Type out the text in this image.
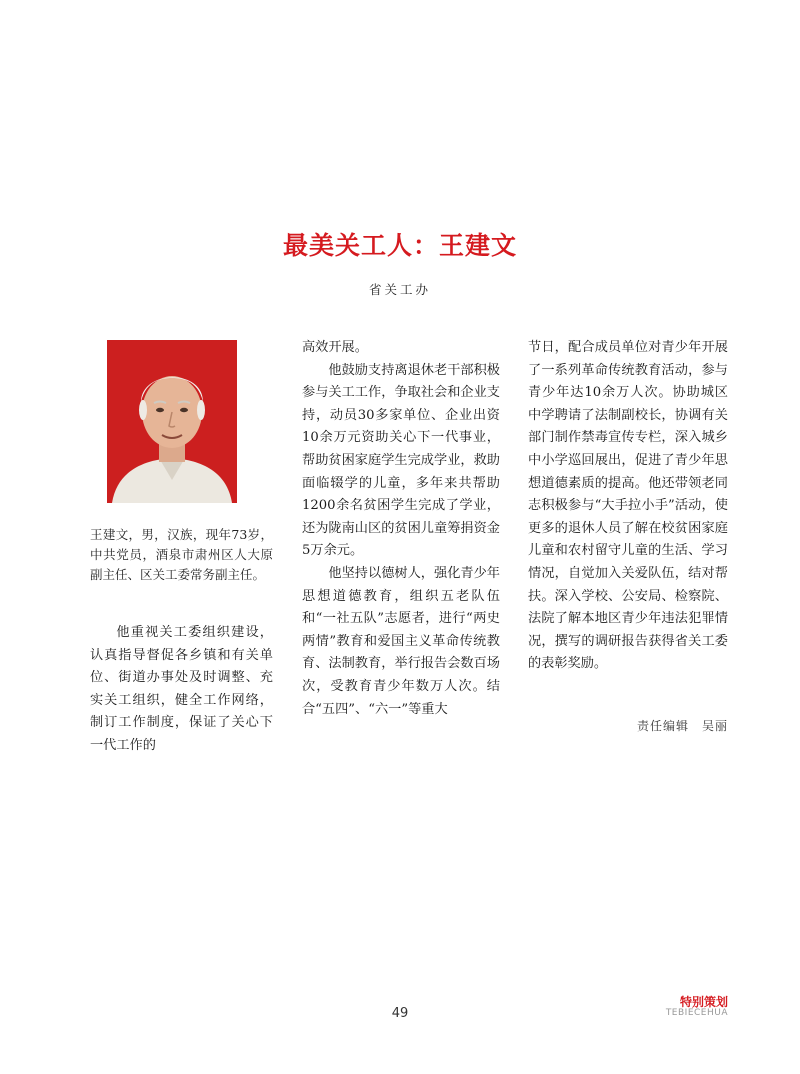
最美关工人：王建文
省关工办
王建文，男，汉族，现年73岁，中共党员，酒泉市肃州区人大原副主任、区关工委常务副主任。

他重视关工委组织建设，认真指导督促各乡镇和有关单位、街道办事处及时调整、充实关工组织，健全工作网络，制订工作制度，保证了关心下一代工作的

高效开展。

他鼓励支持离退休老干部积极参与关工工作，争取社会和企业支持，动员30多家单位、企业出资10余万元资助关心下一代事业，帮助贫困家庭学生完成学业，救助面临辍学的儿童，多年来共帮助1200余名贫困学生完成了学业，还为陇南山区的贫困儿童筹捐资金5万余元。

他坚持以德树人，强化青少年思想道德教育，组织五老队伍和“一社五队”志愿者，进行“两史两情”教育和爱国主义革命传统教育、法制教育，举行报告会数百场次，受教育青少年数万人次。结合“五四”、“六一”等重大

节日，配合成员单位对青少年开展了一系列革命传统教育活动，参与青少年达10余万人次。协助城区中学聘请了法制副校长，协调有关部门制作禁毒宣传专栏，深入城乡中小学巡回展出，促进了青少年思想道德素质的提高。他还带领老同志积极参与“大手拉小手”活动，使更多的退休人员了解在校贫困家庭儿童和农村留守儿童的生活、学习情况，自觉加入关爱队伍，结对帮扶。深入学校、公安局、检察院、法院了解本地区青少年违法犯罪情况，撰写的调研报告获得省关工委的表彰奖励。

责任编辑　吴丽
49
特别策划
TEBIECEHUA
